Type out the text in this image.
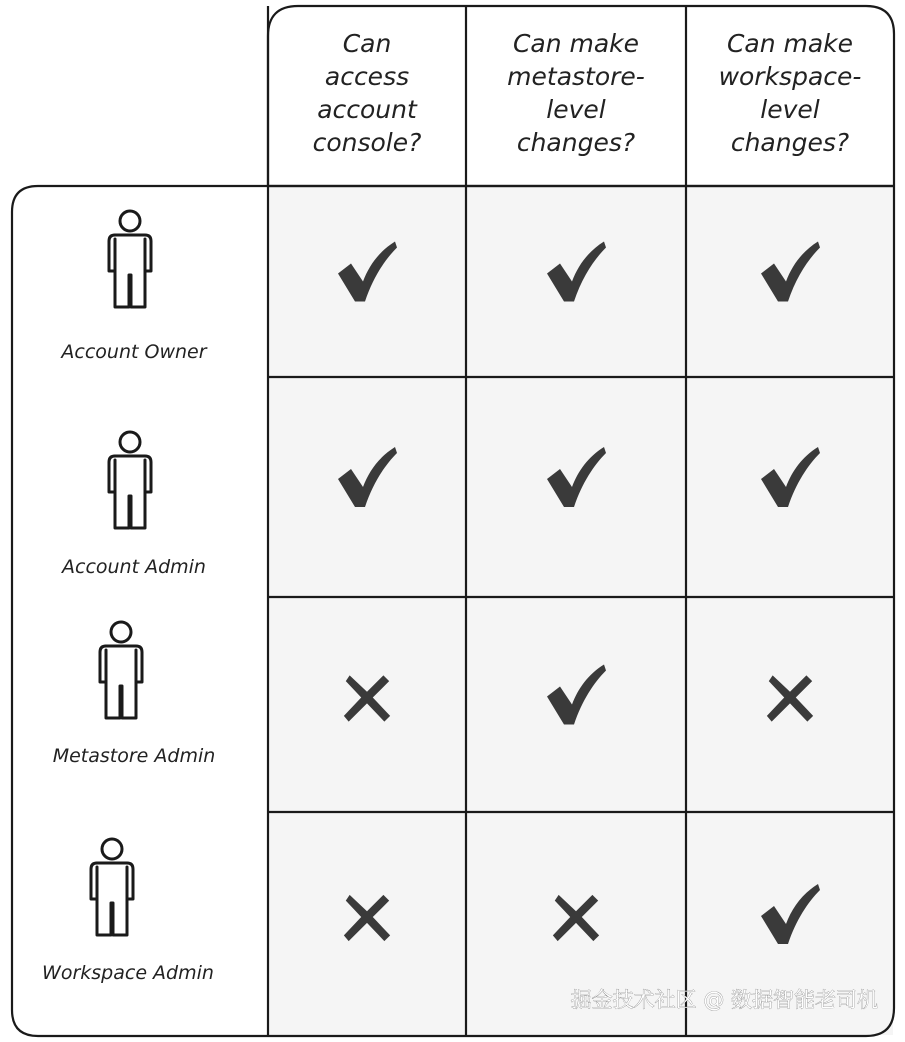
Can
access
account
console?
Can make
metastore-
level
changes?
Can make
workspace-
level
changes?
Account Owner
Account Admin
Metastore Admin
Workspace Admin
掘金技术社区 @ 数据智能老司机
